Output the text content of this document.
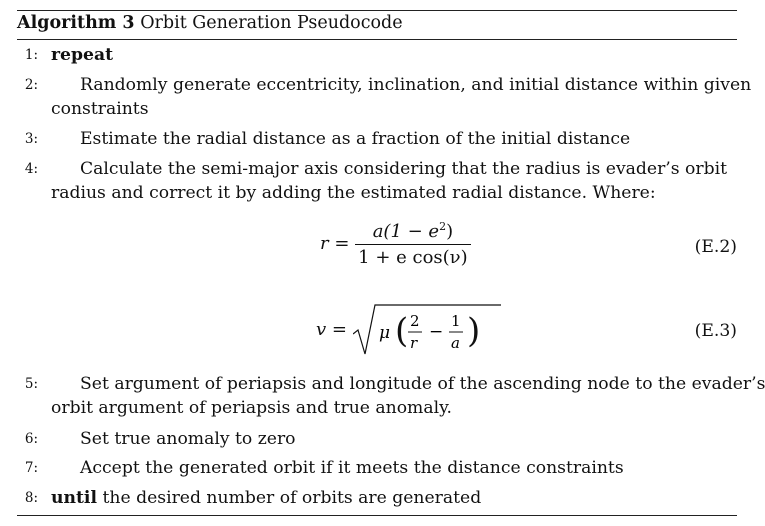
Algorithm 3 Orbit Generation Pseudocode
1: repeat
2: Randomly generate eccentricity, inclination, and initial distance within given
constraints
3: Estimate the radial distance as a fraction of the initial distance
4: Calculate the semi-major axis considering that the radius is evader’s orbit
radius and correct it by adding the estimated radial distance. Where:
$r = \frac{a(1 - e^2)}{\text{1 + e cos(ν)}}$	(E.2)
v = μ ( 2
r
−
1
a )	(E.3)
5: Set argument of periapsis and longitude of the ascending node to the evader’s
orbit argument of periapsis and true anomaly.
6: Set true anomaly to zero
7: Accept the generated orbit if it meets the distance constraints
8: until the desired number of orbits are generated
